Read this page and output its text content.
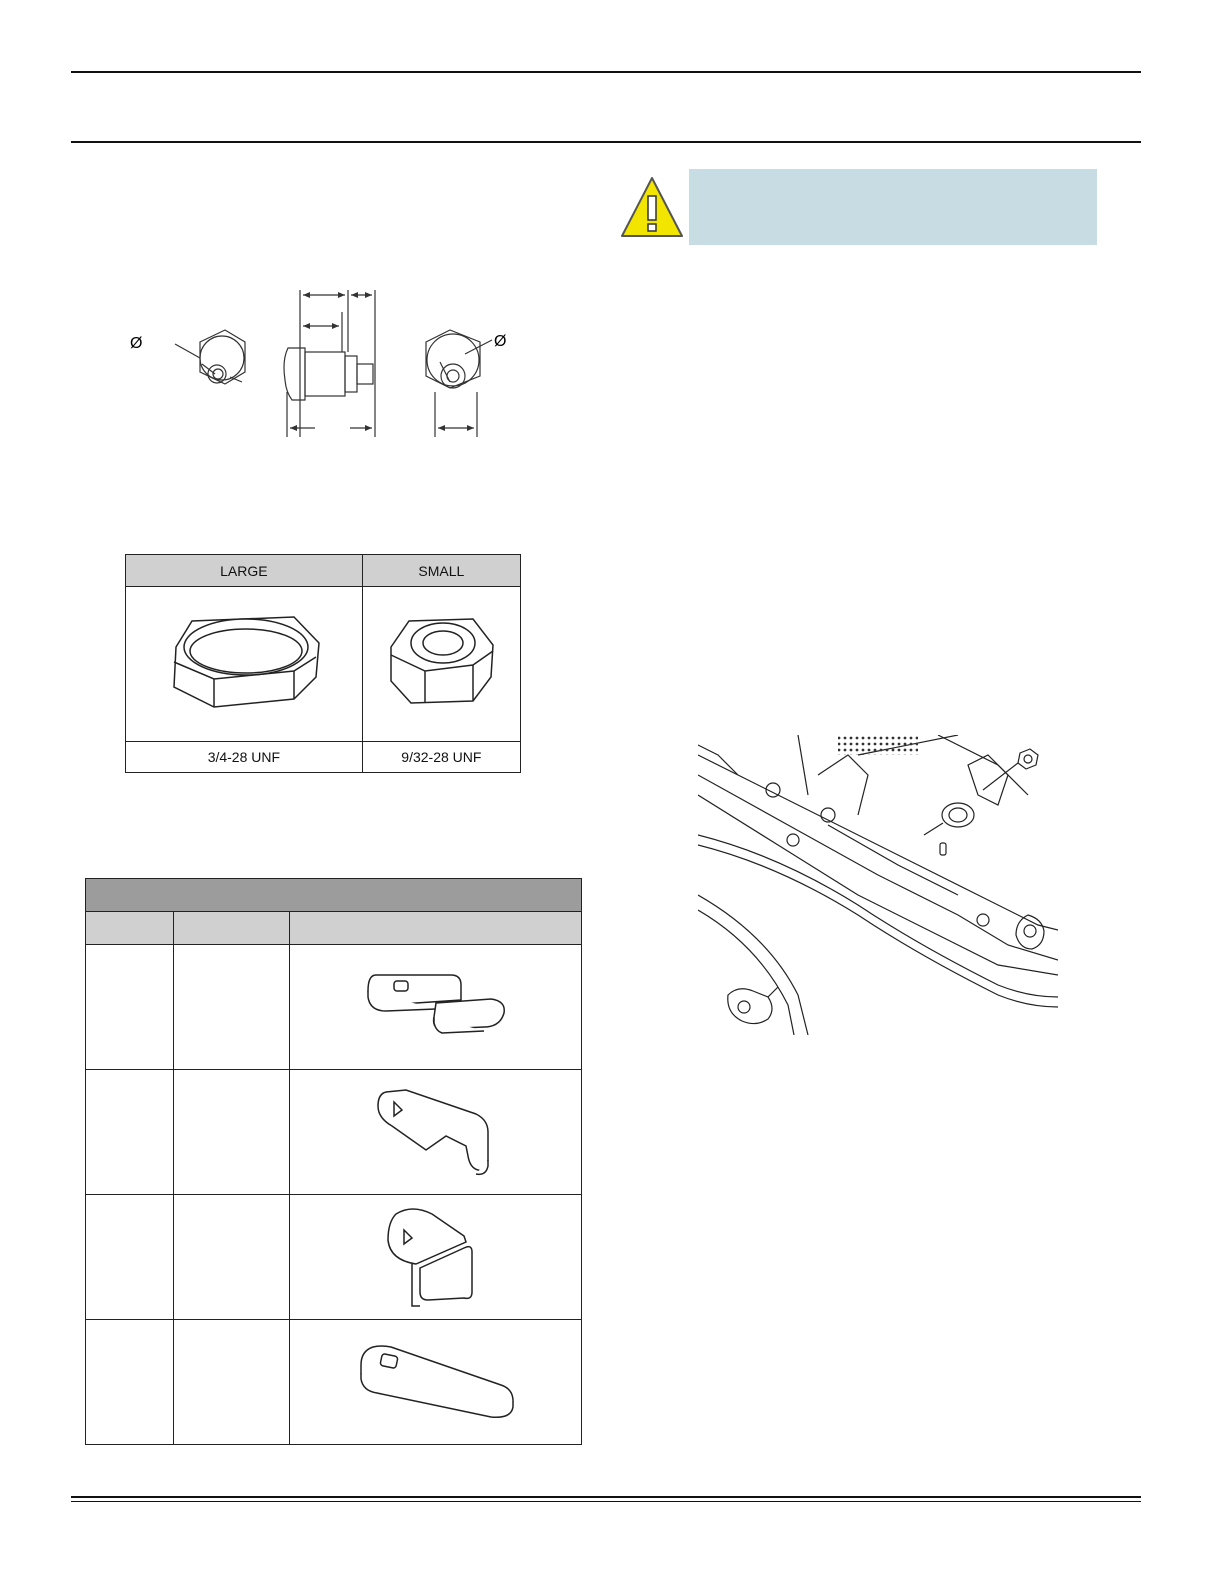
Ø	Ø
LARGE	SMALL

3/4-28 UNF	9/32-28 UNF
